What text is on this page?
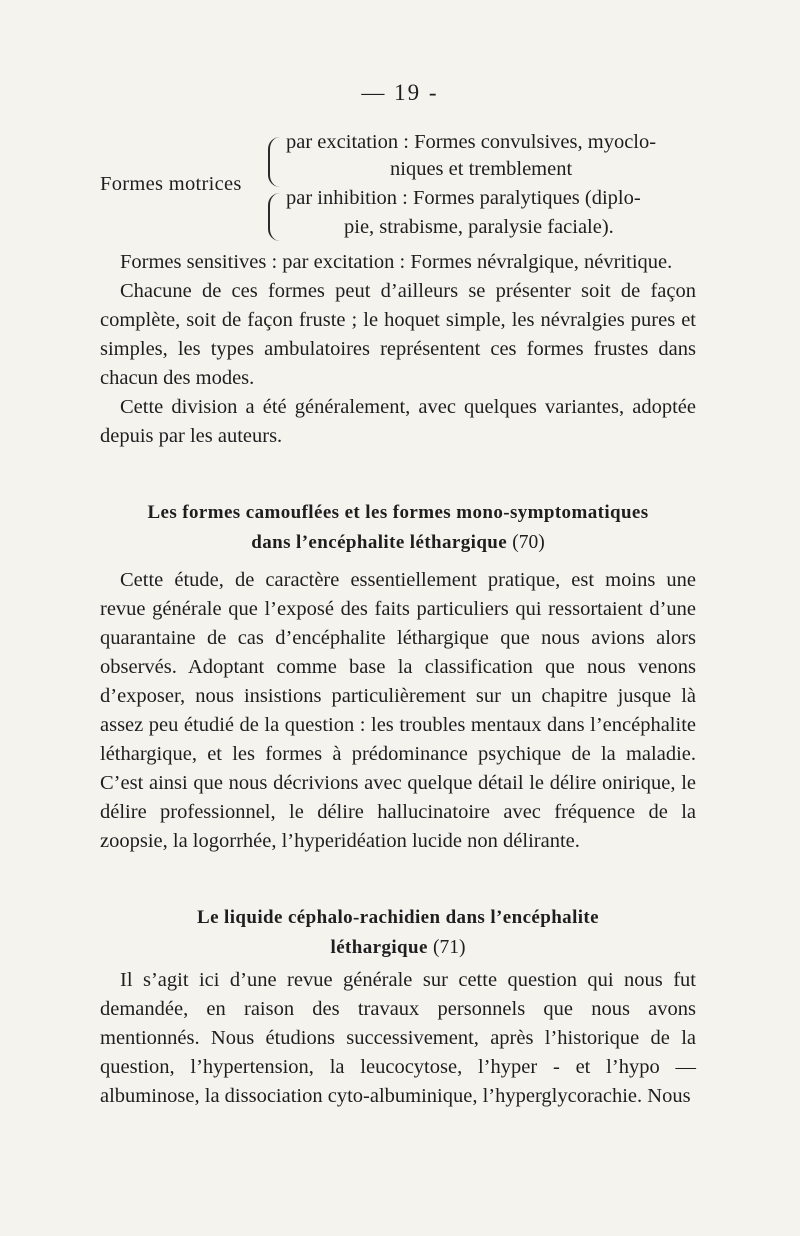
— 19 -
Formes motrices
par excitation : Formes convulsives, myoclo-
niques et tremblement
par inhibition : Formes paralytiques (diplo-
pie, strabisme, paralysie faciale).

Formes sensitives : par excitation : Formes névralgique, névritique.

Chacune de ces formes peut d’ailleurs se présenter soit de façon complète, soit de façon fruste ; le hoquet simple, les névralgies pures et simples, les types ambulatoires représentent ces formes frustes dans chacun des modes.

Cette division a été généralement, avec quelques variantes, adoptée depuis par les auteurs.

Les formes camouflées et les formes mono-symptomatiques
dans l’encéphalite léthargique (70)

Cette étude, de caractère essentiellement pratique, est moins une revue générale que l’exposé des faits particuliers qui ressortaient d’une quarantaine de cas d’encéphalite léthargique que nous avions alors observés. Adoptant comme base la classification que nous venons d’exposer, nous insistions particulièrement sur un chapitre jusque là assez peu étudié de la question : les troubles mentaux dans l’encéphalite léthargique, et les formes à prédominance psychique de la maladie. C’est ainsi que nous décrivions avec quelque détail le délire onirique, le délire professionnel, le délire hallucinatoire avec fréquence de la zoopsie, la logorrhée, l’hyperidéation lucide non délirante.

Le liquide céphalo-rachidien dans l’encéphalite
léthargique (71)

Il s’agit ici d’une revue générale sur cette question qui nous fut demandée, en raison des travaux personnels que nous avons mentionnés. Nous étudions successivement, après l’historique de la question, l’hypertension, la leucocytose, l’hyper - et l’hypo — albuminose, la dissociation cyto-albuminique, l’hyperglycorachie. Nous
